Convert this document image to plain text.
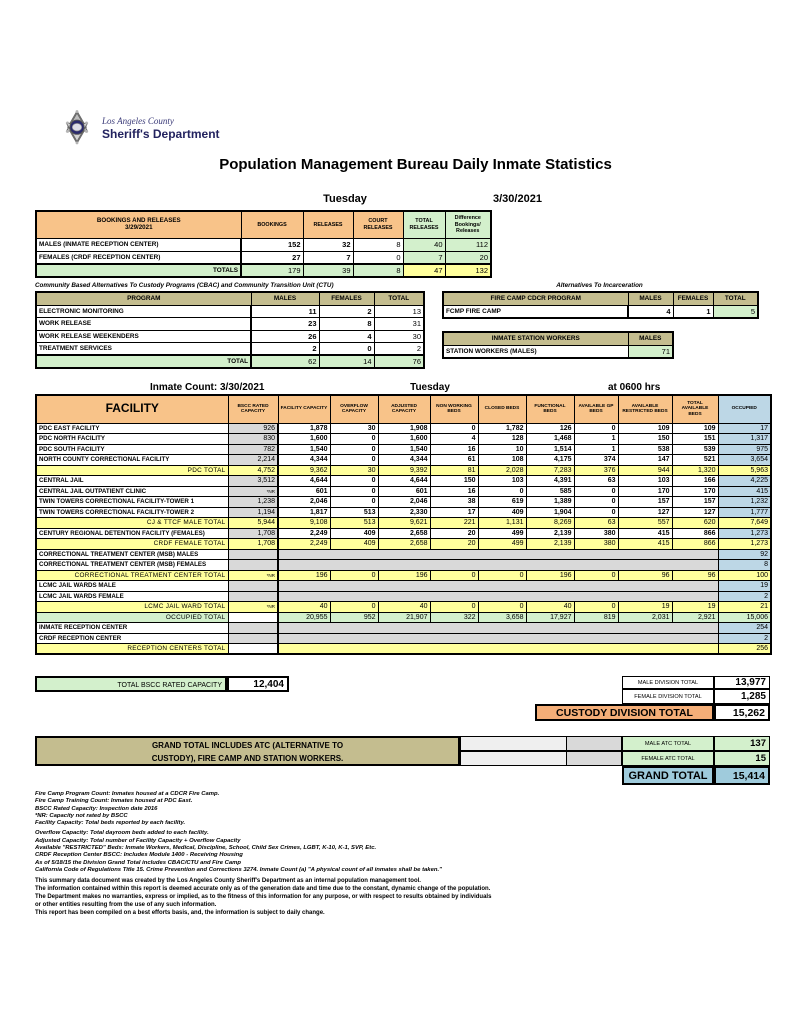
Los Angeles County
Sheriff's Department
Population Management Bureau Daily Inmate Statistics
Tuesday	3/30/2021
BOOKINGS AND RELEASES
3/29/2021	BOOKINGS	RELEASES	COURT RELEASES	TOTAL RELEASES	Difference Bookings/ Releases
MALES (INMATE RECEPTION CENTER)	152	32	8	40	112
FEMALES (CRDF RECEPTION CENTER)	27	7	0	7	20
TOTALS	179	39	8	47	132
Community Based Alternatives To Custody Programs (CBAC) and Community Transition Unit (CTU)
PROGRAM	MALES	FEMALES	TOTAL
ELECTRONIC MONITORING	11	2	13
WORK RELEASE	23	8	31
WORK RELEASE WEEKENDERS	26	4	30
TREATMENT SERVICES	2	0	2
TOTAL	62	14	76
Alternatives To Incarceration
FIRE CAMP CDCR PROGRAM	MALES	FEMALES	TOTAL
FCMP FIRE CAMP	4	1	5
INMATE STATION WORKERS	MALES
STATION WORKERS (MALES)	71
Inmate Count: 3/30/2021	Tuesday	at 0600 hrs
FACILITY	BSCC RATED CAPACITY	FACILITY CAPACITY	OVERFLOW CAPACITY	ADJUSTED CAPACITY	NON WORKING BEDS	CLOSED BEDS	FUNCTIONAL BEDS	AVAILABLE GP BEDS	AVAILABLE RESTRICTED BEDS	TOTAL AVAILABLE BEDS	OCCUPIED
PDC EAST FACILITY	926	1,878	30	1,908	0	1,782	126	0	109	109	17
PDC NORTH FACILITY	830	1,600	0	1,600	4	128	1,468	1	150	151	1,317
PDC SOUTH FACILITY	782	1,540	0	1,540	16	10	1,514	1	538	539	975
NORTH COUNTY CORRECTIONAL FACILITY	2,214	4,344	0	4,344	61	108	4,175	374	147	521	3,654
PDC TOTAL	4,752	9,362	30	9,392	81	2,028	7,283	376	944	1,320	5,963
CENTRAL JAIL	3,512	4,644	0	4,644	150	103	4,391	63	103	166	4,225
CENTRAL JAIL OUTPATIENT CLINIC	*NR	601	0	601	16	0	585	0	170	170	415
TWIN TOWERS CORRECTIONAL FACILITY-TOWER 1	1,238	2,046	0	2,046	38	619	1,389	0	157	157	1,232
TWIN TOWERS CORRECTIONAL FACILITY-TOWER 2	1,194	1,817	513	2,330	17	409	1,904	0	127	127	1,777
CJ & TTCF MALE TOTAL	5,944	9,108	513	9,621	221	1,131	8,269	63	557	620	7,649
CENTURY REGIONAL DETENTION FACILITY (FEMALES)	1,708	2,249	409	2,658	20	499	2,139	380	415	866	1,273
CRDF FEMALE TOTAL	1,708	2,249	409	2,658	20	499	2,139	380	415	866	1,273
CORRECTIONAL TREATMENT CENTER (MSB) MALES											92
CORRECTIONAL TREATMENT CENTER (MSB) FEMALES											8
CORRECTIONAL TREATMENT CENTER TOTAL	*NR	196	0	196	0	0	196	0	96	96	100
LCMC JAIL WARDS MALE											19
LCMC JAIL WARDS FEMALE											2
LCMC JAIL WARD TOTAL	*NR	40	0	40	0	0	40	0	19	19	21
OCCUPIED TOTAL		20,955	952	21,907	322	3,658	17,927	819	2,031	2,921	15,006
INMATE RECEPTION CENTER											254
CRDF RECEPTION CENTER											2
RECEPTION CENTERS TOTAL											256
TOTAL BSCC RATED CAPACITY	12,404	MALE DIVISION TOTAL	13,977
FEMALE DIVISION TOTAL	1,285
CUSTODY DIVISION TOTAL	15,262
GRAND TOTAL INCLUDES ATC (ALTERNATIVE TO
CUSTODY), FIRE CAMP AND STATION WORKERS.
MALE ATC TOTAL	137
FEMALE ATC TOTAL	15
GRAND TOTAL	15,414
Fire Camp Program Count: Inmates housed at a CDCR Fire Camp.
Fire Camp Training Count: Inmates housed at PDC East.
BSCC Rated Capacity: Inspection date 2016
*NR: Capacity not rated by BSCC
Facility Capacity: Total beds reported by each facility.
Overflow Capacity: Total dayroom beds added to each facility.
Adjusted Capacity: Total number of Facility Capacity + Overflow Capacity
Available "RESTRICTED" Beds: Inmate Workers, Medical, Discipline, School, Child Sex Crimes, LGBT, K-10, K-1, SVP, Etc.
CRDF Reception Center BSCC: Includes Module 1400 - Receiving Housing
As of 5/18/15 the Division Grand Total includes CBAC/CTU and Fire Camp
California Code of Regulations Title 15. Crime Prevention and Corrections 3274. Inmate Count (a) "A physical count of all inmates shall be taken."
This summary data document was created by the Los Angeles County Sheriff's Department as an internal population management tool.
The information contained within this report is deemed accurate only as of the generation date and time due to the constant, dynamic change of the population.
The Department makes no warranties, express or implied, as to the fitness of this information for any purpose, or with respect to results obtained by individuals
or other entities resulting from the use of any such information.
This report has been compiled on a best efforts basis, and, the information is subject to daily change.
